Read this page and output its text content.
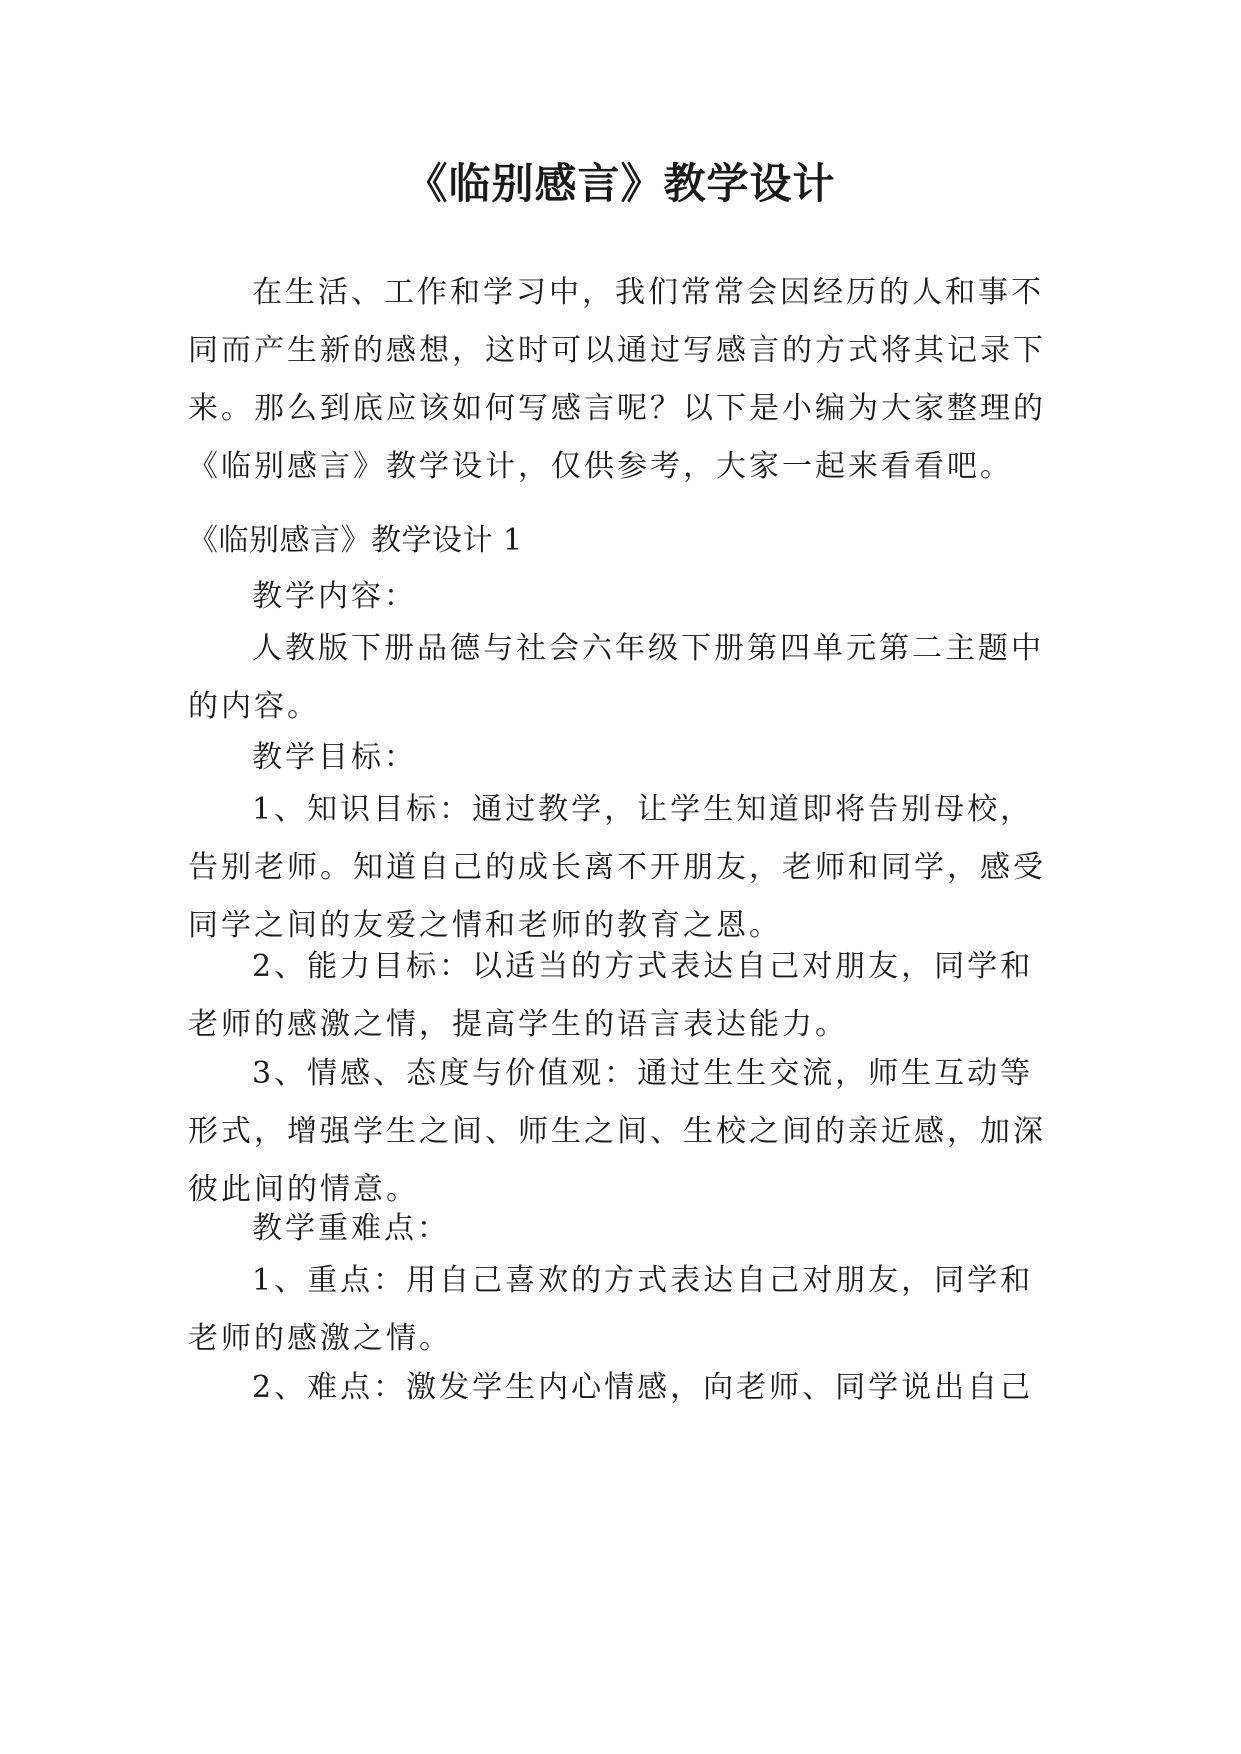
《临别感言》教学设计

在生活、工作和学习中，我们常常会因经历的人和事不同而产生新的感想，这时可以通过写感言的方式将其记录下来。那么到底应该如何写感言呢？以下是小编为大家整理的《临别感言》教学设计，仅供参考，大家一起来看看吧。

《临别感言》教学设计 1

教学内容：

人教版下册品德与社会六年级下册第四单元第二主题中的内容。

教学目标：

1、知识目标：通过教学，让学生知道即将告别母校，告别老师。知道自己的成长离不开朋友，老师和同学，感受同学之间的友爱之情和老师的教育之恩。

2、能力目标：以适当的方式表达自己对朋友，同学和老师的感激之情，提高学生的语言表达能力。

3、情感、态度与价值观：通过生生交流，师生互动等形式，增强学生之间、师生之间、生校之间的亲近感，加深彼此间的情意。

教学重难点：

1、重点：用自己喜欢的方式表达自己对朋友，同学和老师的感激之情。

2、难点：激发学生内心情感，向老师、同学说出自己
